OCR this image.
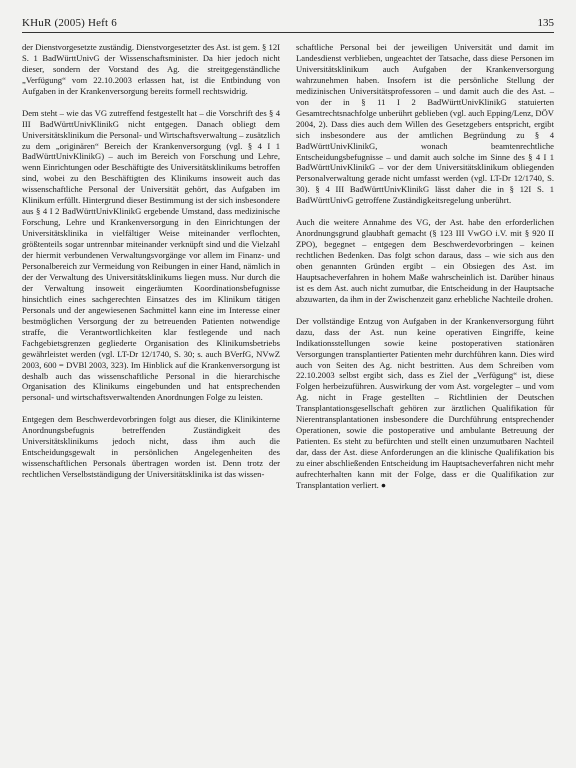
KHuR (2005) Heft 6	135

der Dienstvorgesetzte zuständig. Dienstvorgesetzter des Ast. ist gem. § 12I S. 1 BadWürttUnivG der Wissenschaftsminister. Da hier jedoch nicht dieser, sondern der Vorstand des Ag. die streitgegenständliche „Verfügung“ vom 22.10.2003 erlassen hat, ist die Entbindung von Aufgaben in der Krankenversorgung bereits formell rechtswidrig.

Dem steht – wie das VG zutreffend festgestellt hat – die Vorschrift des § 4 III BadWürttUnivKlinikG nicht entgegen. Danach obliegt dem Universitätsklinikum die Personal- und Wirtschaftsverwaltung – zusätzlich zu dem „originären“ Bereich der Krankenversorgung (vgl. § 4 I 1 BadWürttUnivKlinikG) – auch im Bereich von Forschung und Lehre, wenn Einrichtungen oder Beschäftigte des Universitätsklinikums betroffen sind, wobei zu den Beschäftigten des Klinikums insoweit auch das wissenschaftliche Personal der Universität gehört, das Aufgaben im Klinikum erfüllt. Hintergrund dieser Bestimmung ist der sich insbesondere aus § 4 I 2 BadWürttUnivKlinikG ergebende Umstand, dass medizinische Forschung, Lehre und Krankenversorgung in den Einrichtungen der Universitätsklinika in vielfältiger Weise miteinander verflochten, größtenteils sogar untrennbar miteinander verknüpft sind und die Vielzahl der hiermit verbundenen Verwaltungsvorgänge vor allem im Finanz- und Personalbereich zur Vermeidung von Reibungen in einer Hand, nämlich in der der Verwaltung des Universitätsklinikums liegen muss. Nur durch die der Verwaltung insoweit eingeräumten Koordinationsbefugnisse hinsichtlich eines sachgerechten Einsatzes des im Klinikum tätigen Personals und der angewiesenen Sachmittel kann eine im Interesse einer bestmöglichen Versorgung der zu betreuenden Patienten notwendige straffe, die Verantwortlichkeiten klar festlegende und nach Fachgebietsgrenzen gegliederte Organisation des Klinikumsbetriebs gewährleistet werden (vgl. LT-Dr 12/1740, S. 30; s. auch BVerfG, NVwZ 2003, 600 = DVBl 2003, 323). Im Hinblick auf die Krankenversorgung ist deshalb auch das wissenschaftliche Personal in die hierarchische Organisation des Klinikums eingebunden und hat entsprechenden personal- und wirtschaftsverwaltenden Anordnungen Folge zu leisten.

Entgegen dem Beschwerdevorbringen folgt aus dieser, die Klinikinterne Anordnungsbefugnis betreffenden Zuständigkeit des Universitätsklinikums jedoch nicht, dass ihm auch die Entscheidungsgewalt in persönlichen Angelegenheiten des wissenschaftlichen Personals übertragen worden ist. Denn trotz der rechtlichen Verselbstständigung der Universitätsklinika ist das wissen-

schaftliche Personal bei der jeweiligen Universität und damit im Landesdienst verblieben, ungeachtet der Tatsache, dass diese Personen im Universitätsklinikum auch Aufgaben der Krankenversorgung wahrzunehmen haben. Insofern ist die persönliche Stellung der medizinischen Universitätsprofessoren – und damit auch die des Ast. – von der in § 11 I 2 BadWürttUnivKlinikG statuierten Gesamtrechtsnachfolge unberührt geblieben (vgl. auch Epping/Lenz, DÖV 2004, 2). Dass dies auch dem Willen des Gesetzgebers entspricht, ergibt sich insbesondere aus der amtlichen Begründung zu § 4 BadWürttUnivKlinikG, wonach beamtenrechtliche Entscheidungsbefugnisse – und damit auch solche im Sinne des § 4 I 1 BadWürttUnivKlinikG – vor der dem Universitätsklinikum obliegenden Personalverwaltung gerade nicht umfasst werden (vgl. LT-Dr 12/1740, S. 30). § 4 III BadWürttUnivKlinikG lässt daher die in § 12I S. 1 BadWürttUnivG getroffene Zuständigkeitsregelung unberührt.

Auch die weitere Annahme des VG, der Ast. habe den erforderlichen Anordnungsgrund glaubhaft gemacht (§ 123 III VwGO i.V. mit § 920 II ZPO), begegnet – entgegen dem Beschwerdevorbringen – keinen rechtlichen Bedenken. Das folgt schon daraus, dass – wie sich aus den oben genannten Gründen ergibt – ein Obsiegen des Ast. im Hauptsacheverfahren in hohem Maße wahrscheinlich ist. Darüber hinaus ist es dem Ast. auch nicht zumutbar, die Entscheidung in der Hauptsache abzuwarten, da ihm in der Zwischenzeit ganz erhebliche Nachteile drohen.

Der vollständige Entzug von Aufgaben in der Krankenversorgung führt dazu, dass der Ast. nun keine operativen Eingriffe, keine Indikationsstellungen sowie keine postoperativen stationären Versorgungen transplantierter Patienten mehr durchführen kann. Dies wird auch von Seiten des Ag. nicht bestritten. Aus dem Schreiben vom 22.10.2003 selbst ergibt sich, dass es Ziel der „Verfügung“ ist, diese Folgen herbeizuführen. Auswirkung der vom Ast. vorgelegter – und vom Ag. nicht in Frage gestellten – Richtlinien der Deutschen Transplantationsgesellschaft gehören zur ärztlichen Qualifikation für Nierentransplantationen insbesondere die Durchführung entsprechender Operationen, sowie die postoperative und ambulante Betreuung der Patienten. Es steht zu befürchten und stellt einen unzumutbaren Nachteil dar, dass der Ast. diese Anforderungen an die klinische Qualifikation bis zu einer abschließenden Entscheidung im Hauptsacheverfahren nicht mehr aufrechterhalten kann mit der Folge, dass er die Qualifikation zur Transplantation verliert. ●
